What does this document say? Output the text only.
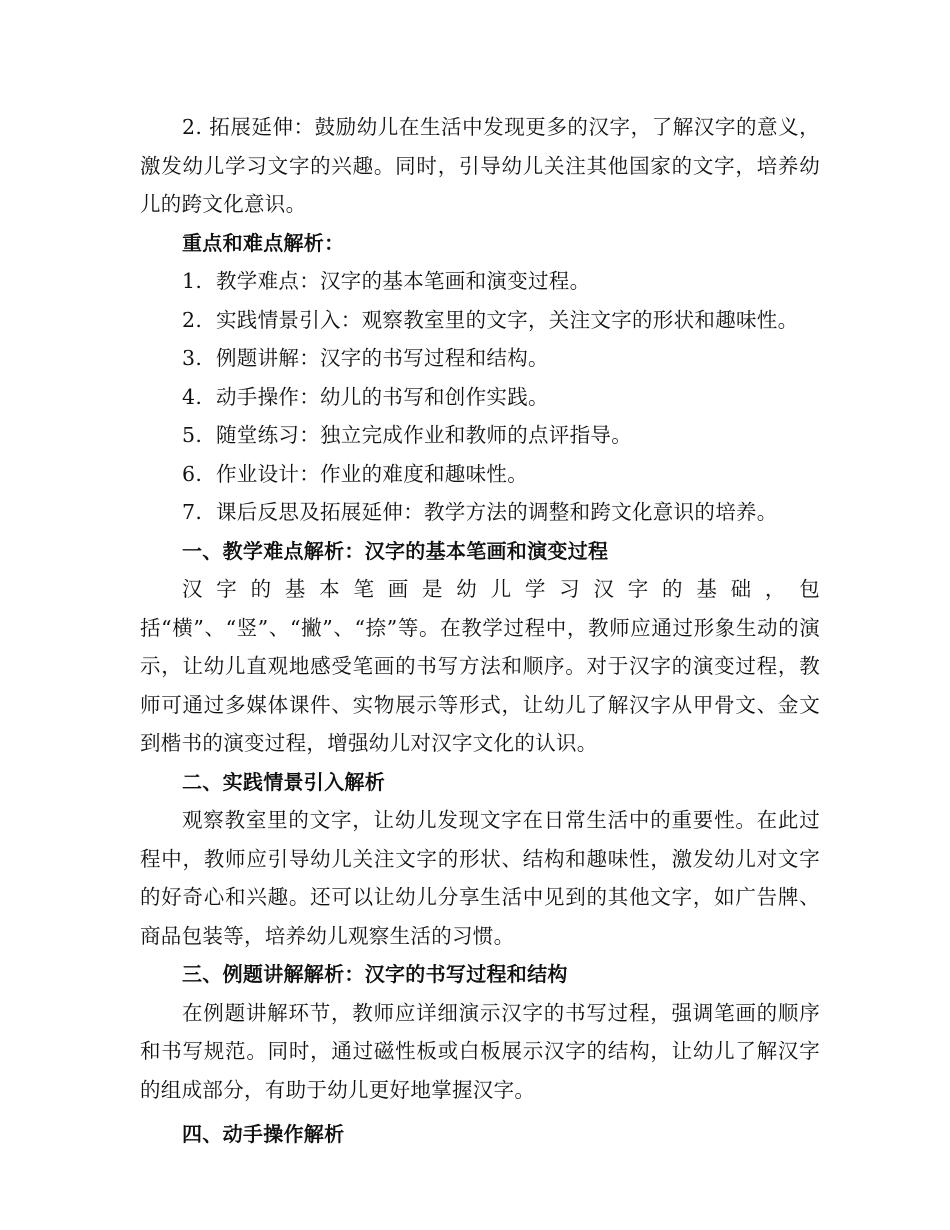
2. 拓展延伸：鼓励幼儿在生活中发现更多的汉字，了解汉字的意义，激发幼儿学习文字的兴趣。同时，引导幼儿关注其他国家的文字，培养幼儿的跨文化意识。

重点和难点解析：

1. 教学难点：汉字的基本笔画和演变过程。
2. 实践情景引入：观察教室里的文字，关注文字的形状和趣味性。
3. 例题讲解：汉字的书写过程和结构。
4. 动手操作：幼儿的书写和创作实践。
5. 随堂练习：独立完成作业和教师的点评指导。
6. 作业设计：作业的难度和趣味性。
7. 课后反思及拓展延伸：教学方法的调整和跨文化意识的培养。

一、教学难点解析：汉字的基本笔画和演变过程

汉字的基本笔画是幼儿学习汉字的基础，包括“横”、“竖”、“撇”、“捺”等。在教学过程中，教师应通过形象生动的演示，让幼儿直观地感受笔画的书写方法和顺序。对于汉字的演变过程，教师可通过多媒体课件、实物展示等形式，让幼儿了解汉字从甲骨文、金文到楷书的演变过程，增强幼儿对汉字文化的认识。

二、实践情景引入解析

观察教室里的文字，让幼儿发现文字在日常生活中的重要性。在此过程中，教师应引导幼儿关注文字的形状、结构和趣味性，激发幼儿对文字的好奇心和兴趣。还可以让幼儿分享生活中见到的其他文字，如广告牌、商品包装等，培养幼儿观察生活的习惯。

三、例题讲解解析：汉字的书写过程和结构

在例题讲解环节，教师应详细演示汉字的书写过程，强调笔画的顺序和书写规范。同时，通过磁性板或白板展示汉字的结构，让幼儿了解汉字的组成部分，有助于幼儿更好地掌握汉字。

四、动手操作解析
